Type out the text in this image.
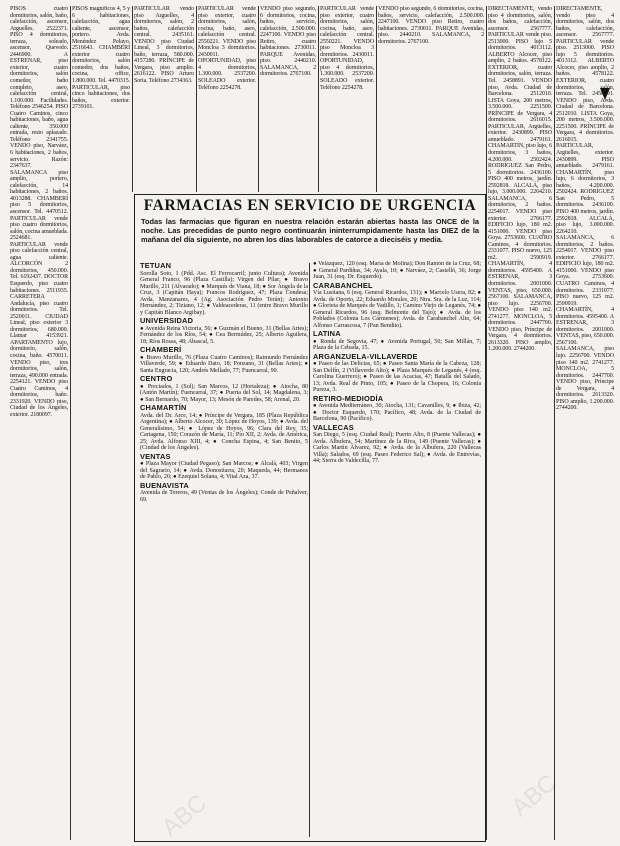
PISOS cuatro dormitorios, salón, baño, calefacción, ascensor, Arguelles. 2522371. PISO 4 dormitorios, terraza, soleado, ascensor, Quevedo. 2446900. A ESTRENAR, piso exterior, cuatro dormitorios, salón comedor, baño completo, aseo, calefacción central, 1.100.000. Facilidades. Teléfono 2546254. PISO Cuatro Caminos, cinco habitaciones, baño, agua caliente, 350.000 entrada, resto aplazado. Teléfono 2341755. VENDO piso, Narváez, 6 habitaciones, 2 baños, servicio. Razón: 2347637. SALAMANCA piso amplio, portero, calefacción, 14 habitaciones, 2 baños. 4013288. CHAMBERÍ piso 5 dormitorios, ascensor. Tel. 4470512. PARTICULAR vende piso cuatro dormitorios, salón, cocina amueblada. 2524681. PARTICULAR vende piso calefacción central, agua caliente. ALCORCÓN 2 dormitorios, 450.000. Tel. 6192437. DOCTOR Esquerdo, piso cuatro habitaciones. 2511935. CARRETERA Andalucía, piso cuatro dormitorios. Tel. 2520011. CIUDAD Lineal, piso exterior 3 dormitorios, 680.000. Llamar 4153921. APARTAMENTO lujo, dormitorio, salón, cocina, baño. 4570011. VENDO piso, tres dormitorios, salón, terraza, 490.000 entrada. 2254121. VENDO piso Cuatro Caminos, 4 dormitorios, baño. 2331920. VENDO piso, Ciudad de los Ángeles, exterior. 2180097.

PISOS magníficos 4, 5 y 6 habitaciones, calefacción, agua caliente, ascensor, portero. Avda. Menéndez Pelayo. 2516643. CHAMBERÍ exterior cuatro dormitorios, salón comedor, dos baños, cocina, office, 1.800.000. Tel. 4470315. PARTICULAR, piso cinco habitaciones, dos baños, exterior. 2739101.

PARTICULAR vendo piso Arguelles, 4 dormitorios, salón, 2 baños, calefacción central. 2435161. VENDO piso Ciudad Lineal, 3 dormitorios, baño, terraza, 580.000. 4157280. PRÍNCIPE de Vergara, piso amplio. 2616122. PISO Arturo Soria. Teléfono 2734363.

PARTICULAR vende piso exterior, cuatro dormitorios, salón, cocina, baño, aseo, calefacción central. 2550221. VENDO piso Moncloa 3 dormitorios. 2430011. OPORTUNIDAD, piso 4 dormitorios, 1.300.000. 2537200. SOLEADO exterior. Teléfono 2254278.

VENDO piso segundo, 6 dormitorios, cocina, baños, servicio, calefacción, 2.500.000. 2247100. VENDO piso Retiro, cuatro habitaciones. 2730011. PARQUE Avenidas, piso. 2440210. SALAMANCA, 2 dormitorios. 2767100.

PARTICULAR vende piso exterior, cuatro dormitorios, salón, cocina, baño, aseo, calefacción central. 2550221. VENDO piso Moncloa 3 dormitorios. 2430011. OPORTUNIDAD, piso 4 dormitorios, 1.300.000. 2537200. SOLEADO exterior. Teléfono 2254278.

VENDO piso segundo, 6 dormitorios, cocina, baños, servicio, calefacción, 2.500.000. 2247100. VENDO piso Retiro, cuatro habitaciones. 2730011. PARQUE Avenidas, piso. 2440210. SALAMANCA, 2 dormitorios. 2767100.

DIRECTAMENTE, vendo piso 4 dormitorios, salón, dos baños, calefacción, ascensor. 2567777. PARTICULAR vende piso. 2513000. PISO lujo 5 dormitorios. 4013112. ALBERTO Alcocer, piso amplio, 2 baños. 4578122. EXTERIOR, cuatro dormitorios, salón, terraza. Tel. 2458891. VENDO piso, Avda. Ciudad de Barcelona. 2512010. LISTA Goya, 200 metros, 3.500.000. 2251500. PRÍNCIPE de Vergara, 4 dormitorios. 2616015. PARTICULAR, Argüelles, exterior. 2430899. PISO amueblado. 2479161. CHAMARTÍN, piso lujo, 6 dormitorios, 3 baños, 4.200.000. 2502424. RODRÍGUEZ San Pedro, 5 dormitorios. 2436100. PISO 400 metros, jardín. 2592818. ALCALÁ, piso lujo, 3.000.000. 2264210. SALAMANCA, 6 dormitorios, 2 baños. 2254017. VENDO piso exterior. 2766177. EDIFICIO lujo, 180 m2. 4151000. VENDO piso Goya. 2753600. CUATRO Caminos, 4 dormitorios. 2331077. PISO nuevo, 125 m2. 2590919. CHAMARTÍN, 4 dormitorios. 4595400. A ESTRENAR, 3 dormitorios. 2001000. VENTAS, piso, 650.000. 2567100. SALAMANCA, piso lujo. 2256700. VENDO piso 140 m2. 2741277. MONCLOA, 5 dormitorios. 2447700. VENDO piso, Príncipe de Vergara, 4 dormitorios. 2613320. PISO amplio, 1.200.000. 2744200.

DIRECTAMENTE, vendo piso 4 dormitorios, salón, dos baños, calefacción, ascensor. 2567777. PARTICULAR vende piso. 2513000. PISO lujo 5 dormitorios. 4013112. ALBERTO Alcocer, piso amplio, 2 baños. 4578122. EXTERIOR, cuatro dormitorios, salón, terraza. Tel. 2458891. VENDO piso, Avda. Ciudad de Barcelona. 2512010. LISTA Goya, 200 metros, 3.500.000. 2251500. PRÍNCIPE de Vergara, 4 dormitorios. 2616015. PARTICULAR, Argüelles, exterior. 2430899. PISO amueblado. 2479161. CHAMARTÍN, piso lujo, 6 dormitorios, 3 baños, 4.200.000. 2502424. RODRÍGUEZ San Pedro, 5 dormitorios. 2436100. PISO 400 metros, jardín. 2592818. ALCALÁ, piso lujo, 3.000.000. 2264210. SALAMANCA, 6 dormitorios, 2 baños. 2254017. VENDO piso exterior. 2766177. EDIFICIO lujo, 180 m2. 4151000. VENDO piso Goya. 2753600. CUATRO Caminos, 4 dormitorios. 2331077. PISO nuevo, 125 m2. 2590919. CHAMARTÍN, 4 dormitorios. 4595400. A ESTRENAR, 3 dormitorios. 2001000. VENTAS, piso, 650.000. 2567100. SALAMANCA, piso lujo. 2256700. VENDO piso 140 m2. 2741277. MONCLOA, 5 dormitorios. 2447700. VENDO piso, Príncipe de Vergara, 4 dormitorios. 2613320. PISO amplio, 1.200.000. 2744200.

FARMACIAS EN SERVICIO DE URGENCIA
Todas las farmacias que figuran en nuestra relación estarán abiertas hasta las ONCE de la noche. Las precedidas de punto negro continuarán ininterrumpidamente hasta las DIEZ de la mañana del día siguiente, no abren los días laborables de catorce a dieciséis y media.
TETUAN

Sorolla Soto, 1 (Pdd. Asc. El Ferrocarril; junto Cultura); Avenida General Franco, 96 (Plaza Castilla); Virgen del Pilar; ● Bravo Murillo, 211 (Alvarado); ● Marqués de Viana, 18; ● Sor Ángela de la Cruz, 3 (Capitán Haya); Francos Rodríguez, 47; Plaza Condesa; Avda. Manzanares, 4 (Ag. Asociación Pedro Terán); Antonio Hernández, 2; Tiziano, 12; ● Valdeacederas, 11 (entre Bravo Murillo y Capitán Blanco Argibay).

UNIVERSIDAD

● Avenida Reina Victoria, 56; ● Guzmán el Bueno, 31 (Bellas Artes); Fernández de los Ríos, 54; ● Cea Bermúdez, 25; Alberto Aguilera, 18; Ríos Rosas, 48; Abascal, 5.

CHAMBERÍ

● Bravo Murillo, 76 (Plaza Cuatro Caminos); Raimundo Fernández Villaverde, 59; ● Eduardo Dato, 18; Ponzano, 31 (Bellas Artes); ● Santa Engracia, 120; Andrés Mellado, 77; Fuencarral, 90.

CENTRO

● Preciados, 1 (Sol); San Marcos, 12 (Hortaleza); ● Atocha, 80 (Antón Martín); Fuencarral, 37; ● Puerta del Sol, 14; Magdalena, 3; ● San Bernardo, 70; Mayor, 13; Mesón de Paredes, 58; Arenal, 20.

CHAMARTÍN

Avda. del Dr. Arce, 14; ● Príncipe de Vergara, 185 (Plaza República Argentina); ● Alberto Alcocer, 30; López de Hoyos, 139; ● Avda. del Generalísimo, 54; ● López de Hoyos, 96; Clara del Rey, 35; Cartagena, 150; Corazón de María, 11; Pío XII, 2; Avda. de América, 25; Avda. Alfonso XIII, 4; ● Concha Espina, 4; San Benito, 5 (Ciudad de los Ángeles).

VENTAS

● Plaza Mayor (Ciudad Pegaso); San Marcos; ● Alcalá, 403; Virgen del Sagrario, 14; ● Avda. Donostiarra, 20; Maqueda, 44; Hermanos de Pablo, 20; ● Ezequiel Solana, 4; Vital Aza, 37.

BUENAVISTA

Avenida de Toreros, 49 (Ventas de los Ángeles); Conde de Peñalver, 69.

● Velázquez, 120 (esq. María de Molina); Don Ramón de la Cruz, 68; ● General Pardiñas, 34; Ayala, 10; ● Narváez, 2; Castelló, 36; Jorge Juan, 31 (esq. Dr. Esquerdo).

CARABANCHEL

Vía Lusitana, 6 (esq. General Ricardos, 131); ● Marcelo Usera, 82; ● Avda. de Oporto, 22; Eduardo Morales, 20; Ntra. Sra. de la Luz, 114; ● Glorieta de Marqués de Vadillo, 1; Camino Viejo de Leganés, 74; ● General Ricardos, 96 (esq. Belmonte del Tajo); ● Avda. de los Poblados (Colonia Los Cármenes); Avda. de Carabanchel Alto, 64; Alfonso Carrascosa, 7 (Pan Bendito).

LATINA

● Ronda de Segovia, 47; ● Avenida Portugal, 50; San Millán, 7; Plaza de la Cebada, 15.

ARGANZUELA-VILLAVERDE

● Paseo de las Delicias, 65; ● Paseo Santa María de la Cabeza, 128; San Delfín, 2 (Villaverde Alto); ● Plaza Marqués de Leganés, 4 (esq. Carolina Guerrero); ● Paseo de las Acacias, 47; Batalla del Salado, 13; Avda. Real de Pinto, 105; ● Paseo de la Chopera, 16; Colonia Pureza, 3.

RETIRO-MEDIODÍA

● Avenida Mediterráneo, 30; Atocha, 131; Cavanilles, 9; ● Ibiza, 42; ● Doctor Esquerdo, 170; Pacífico, 48; Avda. de la Ciudad de Barcelona, 90 (Pacífico).

VALLECAS

San Diego, 5 (esq. Ciudad Real); Puerto Alto, 8 (Puente Vallecas); ● Avda. Albufera, 54; Martínez de la Riva, 149 (Puente Vallecas); ● Carlos Martín Álvarez, 92; ● Avda. de la Albufera, 220 (Vallecas Villa); Salados, 69 (esq. Paseo Federico Sal); ● Avda. de Entrevías, 44; Sierra de Valdecilla, 77.

ABC
ABC
